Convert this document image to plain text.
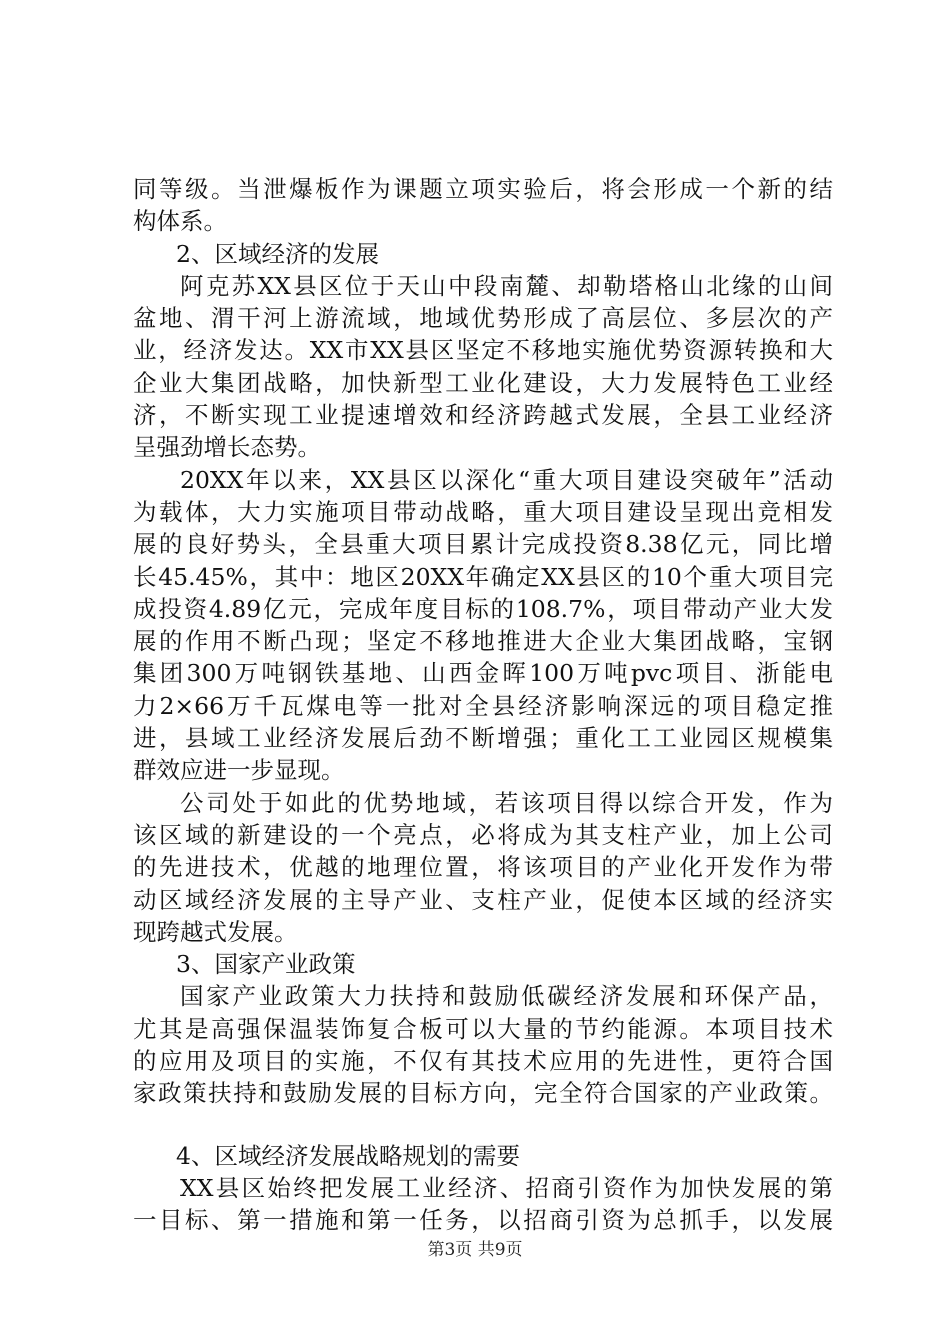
同等级。当泄爆板作为课题立项实验后，将会形成一个新的结
构体系。
2、区域经济的发展
阿克苏XX县区位于天山中段南麓、却勒塔格山北缘的山间
盆地、渭干河上游流域，地域优势形成了高层位、多层次的产
业，经济发达。XX市XX县区坚定不移地实施优势资源转换和大
企业大集团战略，加快新型工业化建设，大力发展特色工业经
济，不断实现工业提速增效和经济跨越式发展，全县工业经济
呈强劲增长态势。
20XX年以来，XX县区以深化“重大项目建设突破年”活动
为载体，大力实施项目带动战略，重大项目建设呈现出竞相发
展的良好势头，全县重大项目累计完成投资8.38亿元，同比增
长45.45%，其中：地区20XX年确定XX县区的10个重大项目完
成投资4.89亿元，完成年度目标的108.7%，项目带动产业大发
展的作用不断凸现；坚定不移地推进大企业大集团战略，宝钢
集团300万吨钢铁基地、山西金晖100万吨pvc项目、浙能电
力2×66万千瓦煤电等一批对全县经济影响深远的项目稳定推
进，县域工业经济发展后劲不断增强；重化工工业园区规模集
群效应进一步显现。
公司处于如此的优势地域，若该项目得以综合开发，作为
该区域的新建设的一个亮点，必将成为其支柱产业，加上公司
的先进技术，优越的地理位置，将该项目的产业化开发作为带
动区域经济发展的主导产业、支柱产业，促使本区域的经济实
现跨越式发展。
3、国家产业政策
国家产业政策大力扶持和鼓励低碳经济发展和环保产品，
尤其是高强保温装饰复合板可以大量的节约能源。本项目技术
的应用及项目的实施，不仅有其技术应用的先进性，更符合国
家政策扶持和鼓励发展的目标方向，完全符合国家的产业政策。
4、区域经济发展战略规划的需要
XX县区始终把发展工业经济、招商引资作为加快发展的第
一目标、第一措施和第一任务，以招商引资为总抓手，以发展
第3页 共9页
